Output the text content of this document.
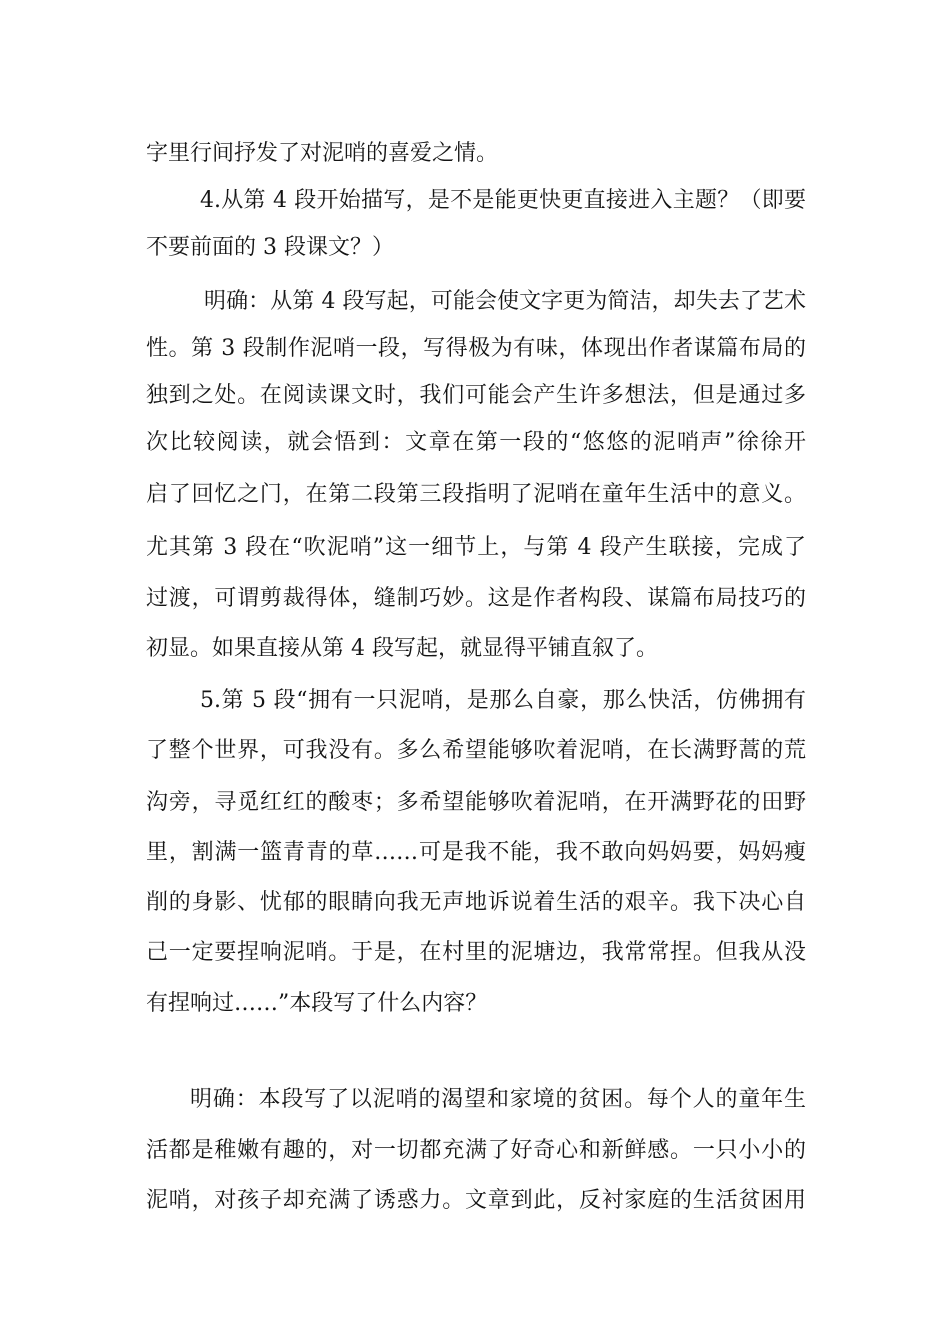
字里行间抒发了对泥哨的喜爱之情。
4.从第 4 段开始描写，是不是能更快更直接进入主题？（即要
不要前面的 3 段课文？）
明确：从第 4 段写起，可能会使文字更为简洁，却失去了艺术
性。第 3 段制作泥哨一段，写得极为有味，体现出作者谋篇布局的
独到之处。在阅读课文时，我们可能会产生许多想法，但是通过多
次比较阅读，就会悟到：文章在第一段的“悠悠的泥哨声”徐徐开
启了回忆之门，在第二段第三段指明了泥哨在童年生活中的意义。
尤其第 3 段在“吹泥哨”这一细节上，与第 4 段产生联接，完成了
过渡，可谓剪裁得体，缝制巧妙。这是作者构段、谋篇布局技巧的
初显。如果直接从第 4 段写起，就显得平铺直叙了。
5.第 5 段“拥有一只泥哨，是那么自豪，那么快活，仿佛拥有
了整个世界，可我没有。多么希望能够吹着泥哨，在长满野蒿的荒
沟旁，寻觅红红的酸枣；多希望能够吹着泥哨，在开满野花的田野
里，割满一篮青青的草……可是我不能，我不敢向妈妈要，妈妈瘦
削的身影、忧郁的眼睛向我无声地诉说着生活的艰辛。我下决心自
己一定要捏响泥哨。于是，在村里的泥塘边，我常常捏。但我从没
有捏响过……”本段写了什么内容？
明确：本段写了以泥哨的渴望和家境的贫困。每个人的童年生
活都是稚嫩有趣的，对一切都充满了好奇心和新鲜感。一只小小的
泥哨，对孩子却充满了诱惑力。文章到此，反衬家庭的生活贫困用
